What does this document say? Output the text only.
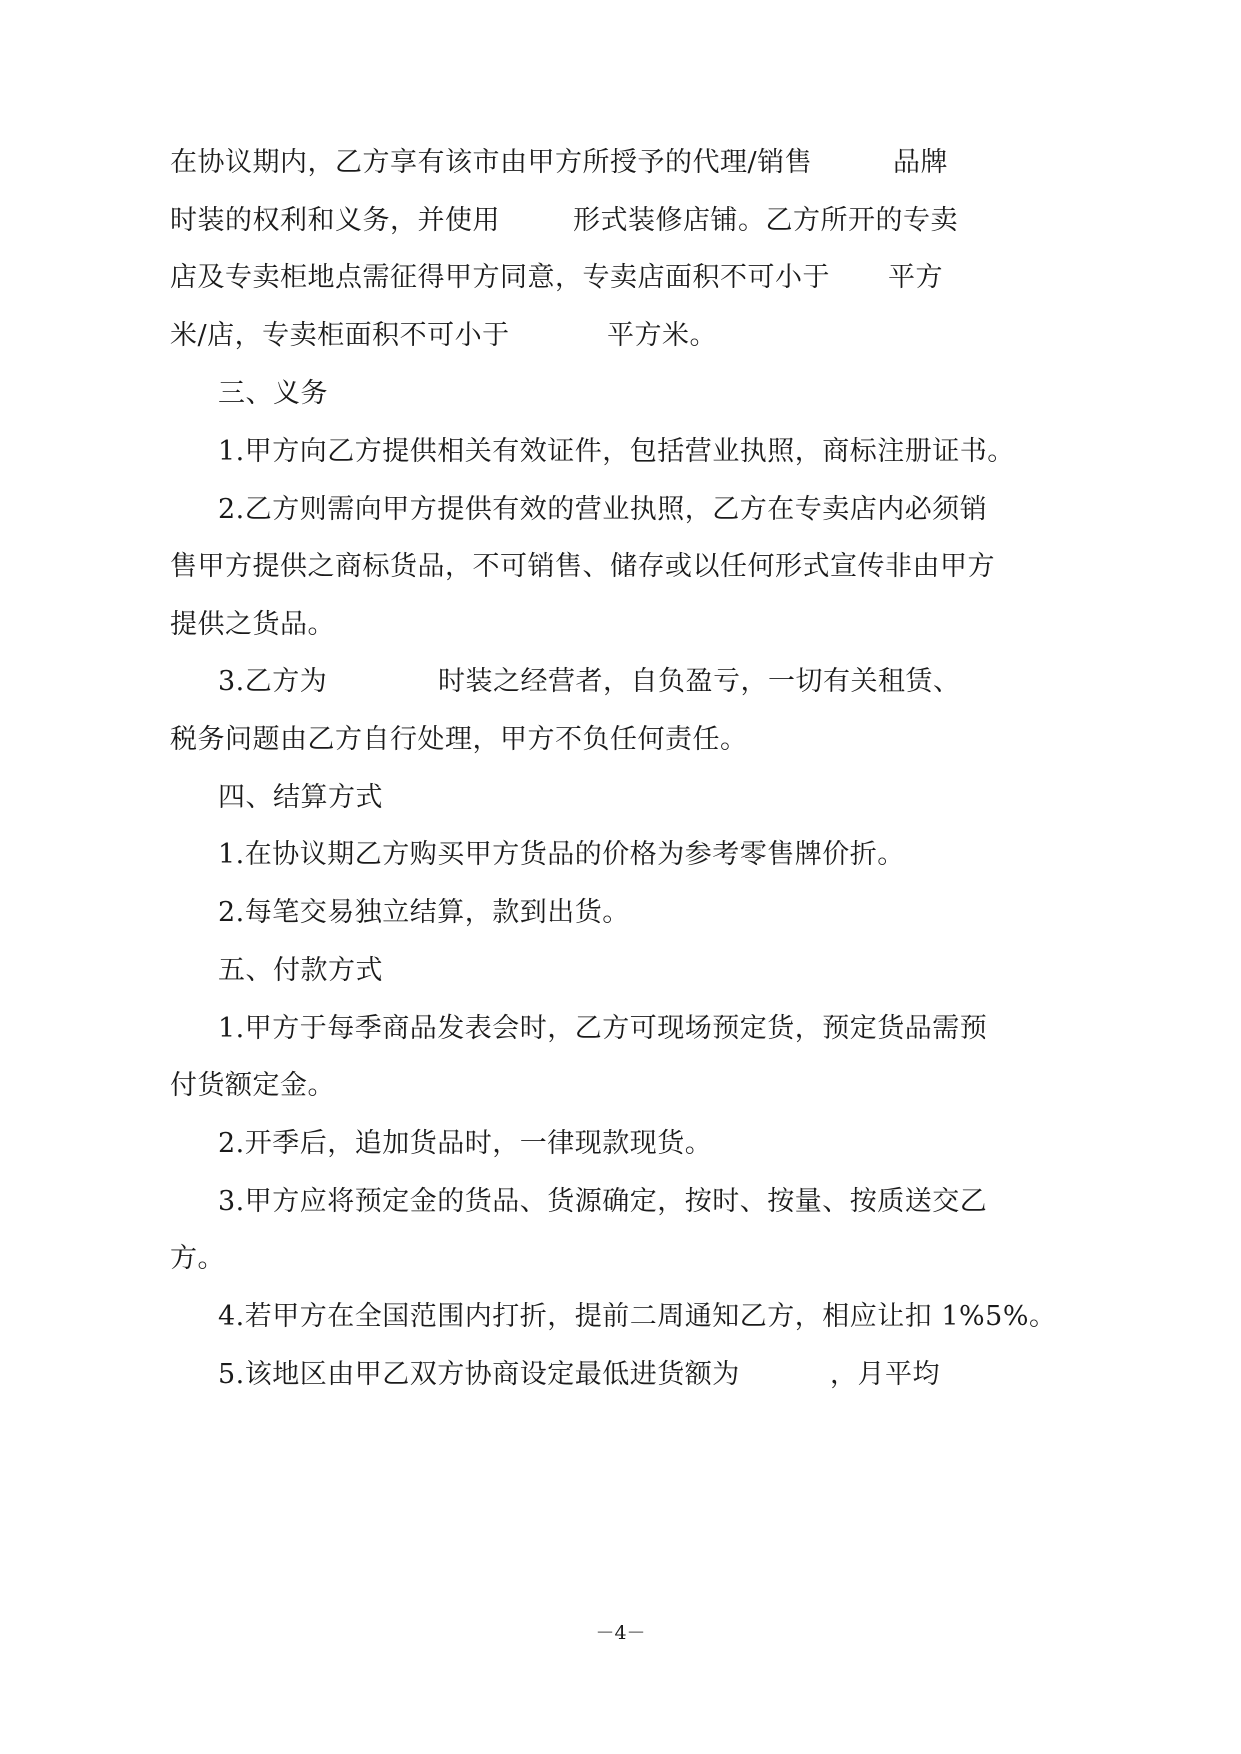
在协议期内，乙方享有该市由甲方所授予的代理/销售	品牌
时装的权利和义务，并使用	形式装修店铺。乙方所开的专卖
店及专卖柜地点需征得甲方同意，专卖店面积不可小于 平方
米/店，专卖柜面积不可小于	平方米。
三、义务
1.甲方向乙方提供相关有效证件，包括营业执照，商标注册证书。
2.乙方则需向甲方提供有效的营业执照，乙方在专卖店内必须销
售甲方提供之商标货品，不可销售、储存或以任何形式宣传非由甲方
提供之货品。
3.乙方为	时装之经营者，自负盈亏，一切有关租赁、
税务问题由乙方自行处理，甲方不负任何责任。
四、结算方式
1.在协议期乙方购买甲方货品的价格为参考零售牌价折。
2.每笔交易独立结算，款到出货。
五、付款方式
1.甲方于每季商品发表会时，乙方可现场预定货，预定货品需预
付货额定金。
2.开季后，追加货品时，一律现款现货。
3.甲方应将预定金的货品、货源确定，按时、按量、按质送交乙
方。
4.若甲方在全国范围内打折，提前二周通知乙方，相应让扣 1%5%。
5.该地区由甲乙双方协商设定最低进货额为	，月平均
－4－
